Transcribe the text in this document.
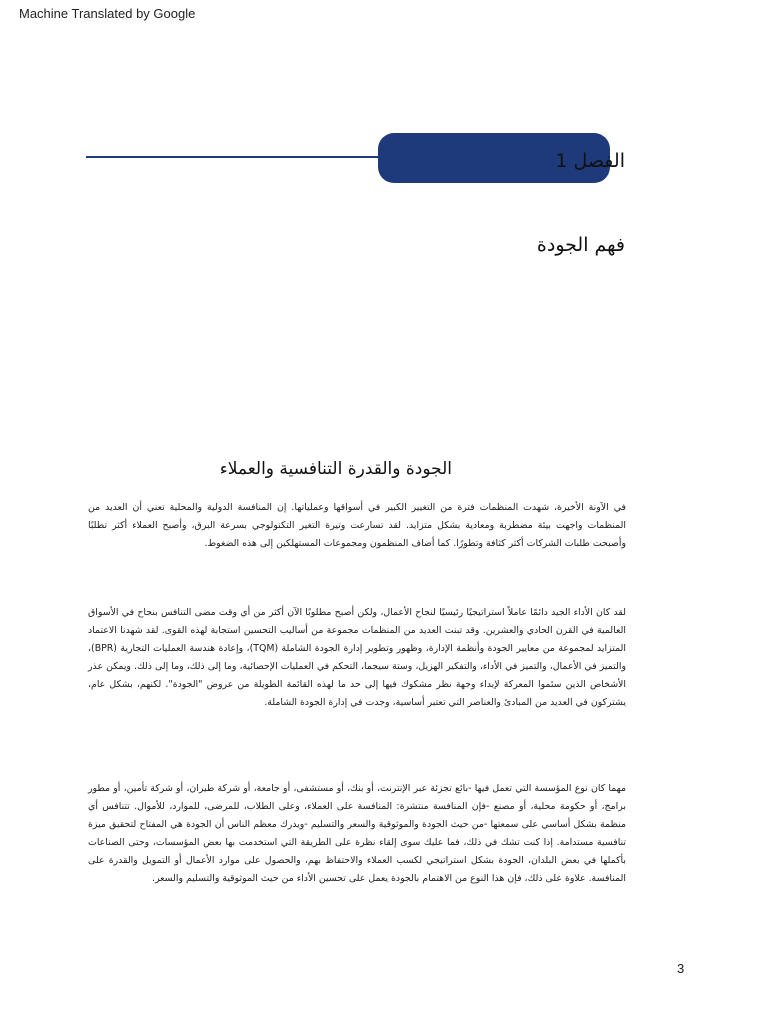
Machine Translated by Google
الفصل 1
فهم الجودة
الجودة والقدرة التنافسية والعملاء

في الآونة الأخيرة، شهدت المنظمات فترة من التغيير الكبير في أسواقها وعملياتها. إن المنافسة الدولية والمحلية تعني أن العديد من المنظمات واجهت بيئة مضطربة ومعادية بشكل متزايد. لقد تسارعت وتيرة التغير التكنولوجي بسرعة البرق، وأصبح العملاء أكثر تطلبًا وأصبحت طلبات الشركات أكثر كثافة وتطورًا. كما أضاف المنظمون ومجموعات المستهلكين إلى هذه الضغوط.

لقد كان الأداء الجيد دائمًا عاملاً استراتيجيًا رئيسيًا لنجاح الأعمال، ولكن أصبح مطلوبًا الآن أكثر من أي وقت مضى التنافس بنجاح في الأسواق العالمية في القرن الحادي والعشرين. وقد تبنت العديد من المنظمات مجموعة من أساليب التحسين استجابة لهذه القوى. لقد شهدنا الاعتماد المتزايد لمجموعة من معايير الجودة وأنظمة الإدارة، وظهور وتطوير إدارة الجودة الشاملة (TQM)، وإعادة هندسة العمليات التجارية (BPR)، والتميز في الأعمال، والتميز في الأداء، والتفكير الهزيل، وستة سيجما، التحكم في العمليات الإحصائية، وما إلى ذلك، وما إلى ذلك. ويمكن عذر الأشخاص الذين سئموا المعركة لإبداء وجهة نظر مشكوك فيها إلى حد ما لهذه القائمة الطويلة من عروض "الجودة". لكنهم، بشكل عام، يشتركون في العديد من المبادئ والعناصر التي تعتبر أساسية، وجدت في إدارة الجودة الشاملة.

مهما كان نوع المؤسسة التي تعمل فيها -بائع تجزئة عبر الإنترنت، أو بنك، أو مستشفى، أو جامعة، أو شركة طيران، أو شركة تأمين، أو مطور برامج، أو حكومة محلية، أو مصنع -فإن المنافسة منتشرة: المنافسة على العملاء، وعلى الطلاب، للمرضى، للموارد، للأموال. تتنافس أي منظمة بشكل أساسي على سمعتها -من حيث الجودة والموثوقية والسعر والتسليم -ويدرك معظم الناس أن الجودة هي المفتاح لتحقيق ميزة تنافسية مستدامة. إذا كنت تشك في ذلك، فما عليك سوى إلقاء نظرة على الطريقة التي استخدمت بها بعض المؤسسات، وحتى الصناعات بأكملها في بعض البلدان، الجودة بشكل استراتيجي لكسب العملاء والاحتفاظ بهم، والحصول على موارد الأعمال أو التمويل والقدرة على المنافسة. علاوة على ذلك، فإن هذا النوع من الاهتمام بالجودة يعمل على تحسين الأداء من حيث الموثوقية والتسليم والسعر.

3
